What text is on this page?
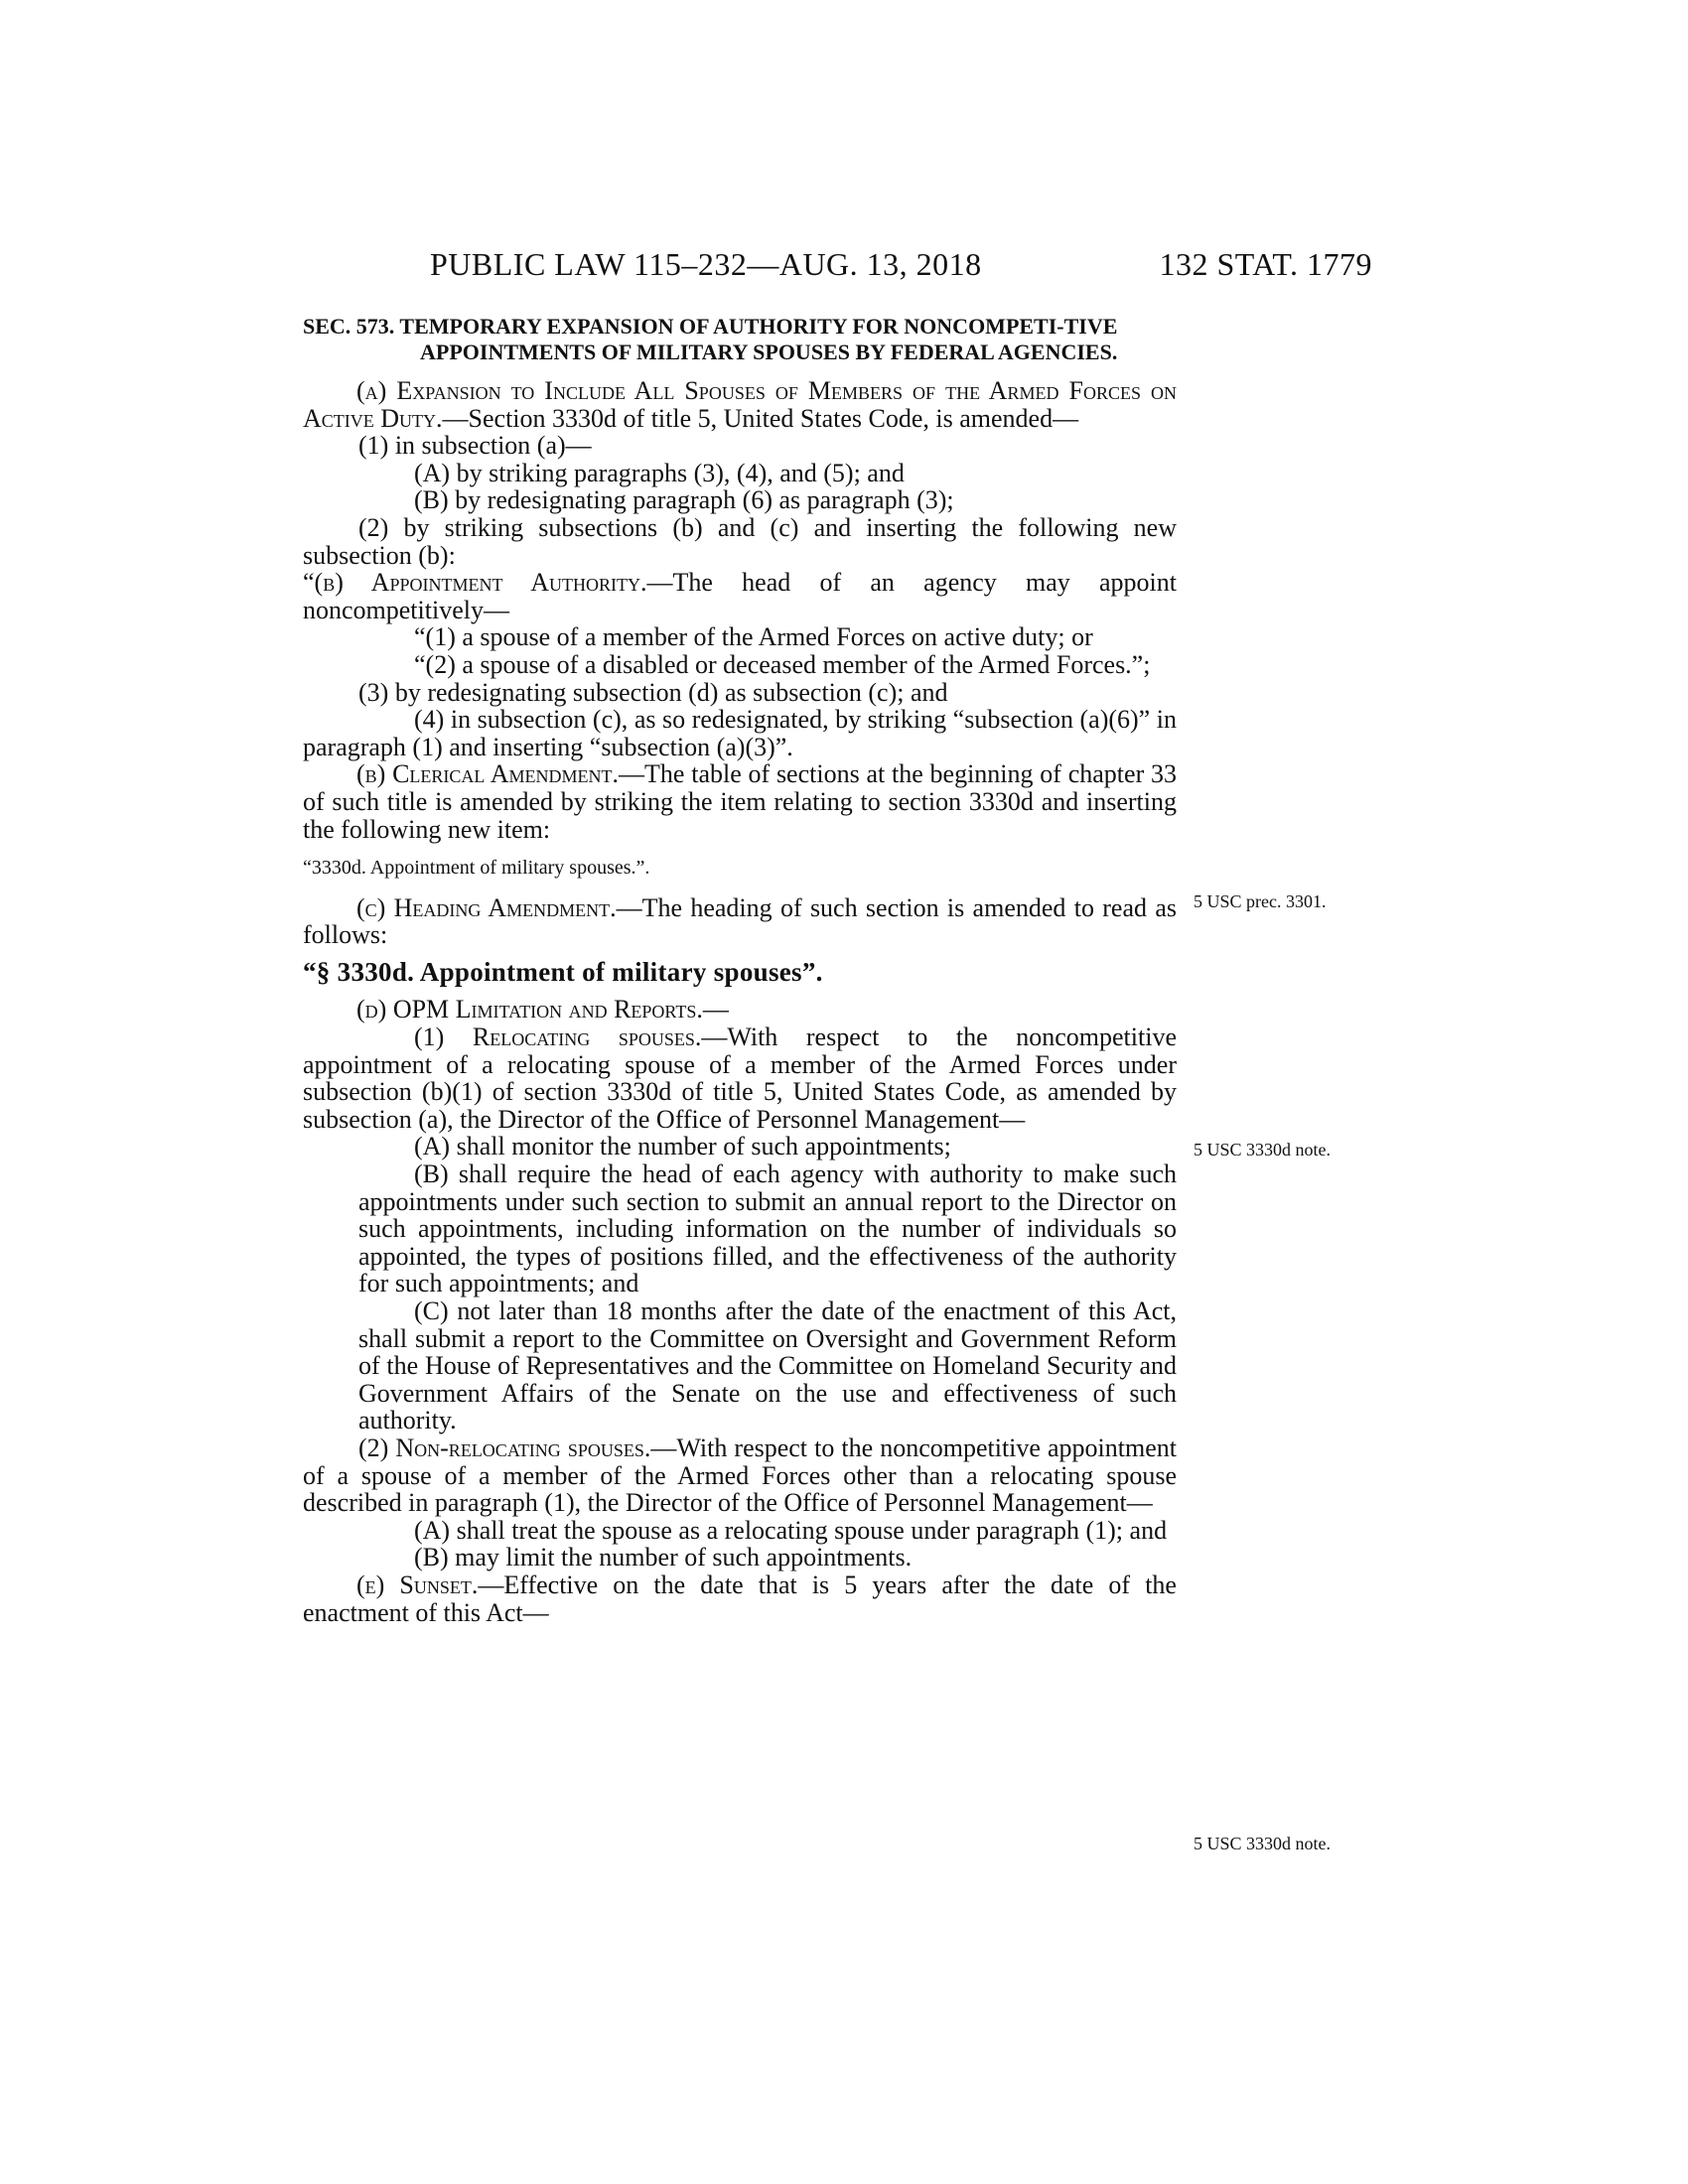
PUBLIC LAW 115–232—AUG. 13, 2018	132 STAT. 1779

SEC. 573. TEMPORARY EXPANSION OF AUTHORITY FOR NONCOMPETI-TIVE APPOINTMENTS OF MILITARY SPOUSES BY FEDERAL AGENCIES.

(a) Expansion to Include All Spouses of Members of the Armed Forces on Active Duty.—Section 3330d of title 5, United States Code, is amended—

(1) in subsection (a)—

(A) by striking paragraphs (3), (4), and (5); and

(B) by redesignating paragraph (6) as paragraph (3);

(2) by striking subsections (b) and (c) and inserting the following new subsection (b):

“(b) Appointment Authority.—The head of an agency may appoint noncompetitively—

“(1) a spouse of a member of the Armed Forces on active duty; or

“(2) a spouse of a disabled or deceased member of the Armed Forces.”;

(3) by redesignating subsection (d) as subsection (c); and

(4) in subsection (c), as so redesignated, by striking “subsection (a)(6)” in paragraph (1) and inserting “subsection (a)(3)”.

(b) Clerical Amendment.—The table of sections at the beginning of chapter 33 of such title is amended by striking the item relating to section 3330d and inserting the following new item:

“3330d. Appointment of military spouses.”.

(c) Heading Amendment.—The heading of such section is amended to read as follows:

“§ 3330d. Appointment of military spouses”.

(d) OPM Limitation and Reports.—

(1) Relocating spouses.—With respect to the noncompetitive appointment of a relocating spouse of a member of the Armed Forces under subsection (b)(1) of section 3330d of title 5, United States Code, as amended by subsection (a), the Director of the Office of Personnel Management—

(A) shall monitor the number of such appointments;

(B) shall require the head of each agency with authority to make such appointments under such section to submit an annual report to the Director on such appointments, including information on the number of individuals so appointed, the types of positions filled, and the effectiveness of the authority for such appointments; and

(C) not later than 18 months after the date of the enactment of this Act, shall submit a report to the Committee on Oversight and Government Reform of the House of Representatives and the Committee on Homeland Security and Government Affairs of the Senate on the use and effectiveness of such authority.

(2) Non-relocating spouses.—With respect to the noncompetitive appointment of a spouse of a member of the Armed Forces other than a relocating spouse described in paragraph (1), the Director of the Office of Personnel Management—

(A) shall treat the spouse as a relocating spouse under paragraph (1); and

(B) may limit the number of such appointments.

(e) Sunset.—Effective on the date that is 5 years after the date of the enactment of this Act—

5 USC prec. 3301.
5 USC 3330d note.
5 USC 3330d note.
